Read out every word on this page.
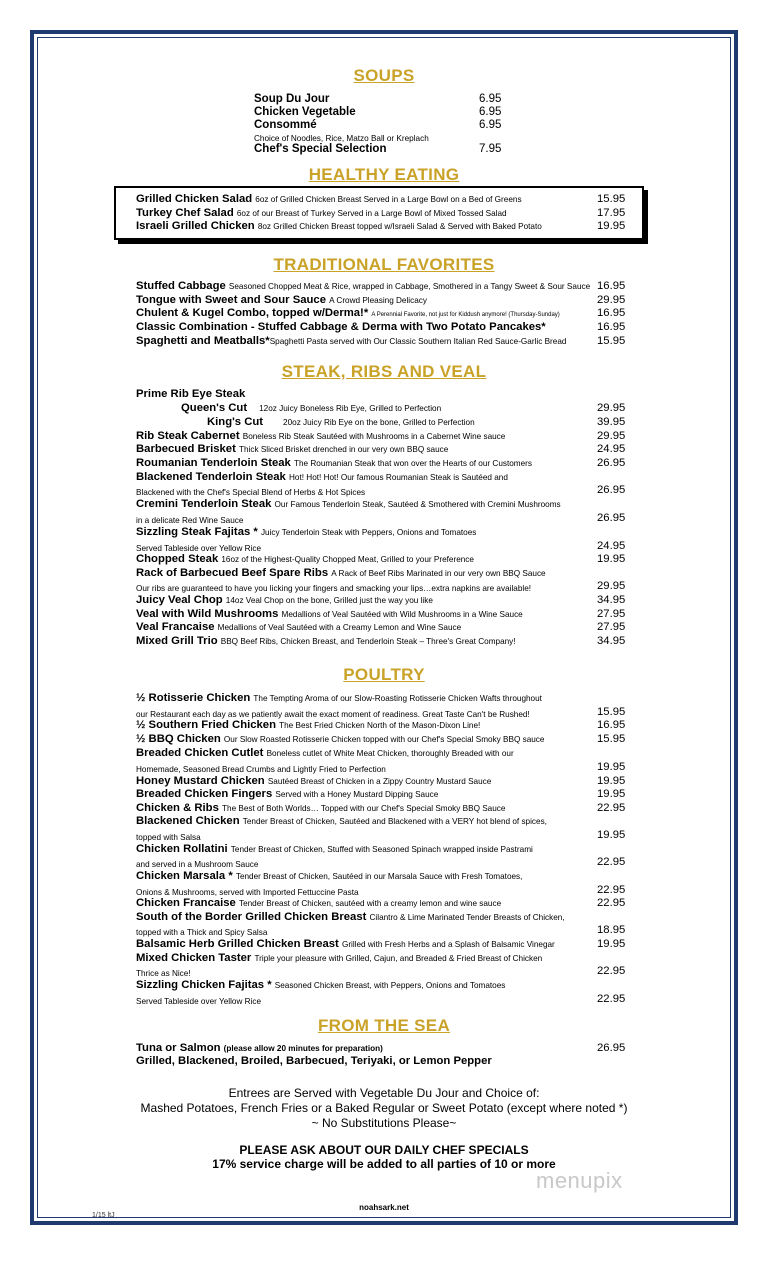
SOUPS
Soup Du Jour	6.95
Chicken Vegetable	6.95
Consommé	6.95
Choice of Noodles, Rice, Matzo Ball or Kreplach
Chef's Special Selection	7.95
HEALTHY EATING
Grilled Chicken Salad 6oz of Grilled Chicken Breast Served in a Large Bowl on a Bed of Greens	15.95
Turkey Chef Salad 6oz of our Breast of Turkey Served in a Large Bowl of Mixed Tossed Salad	17.95
Israeli Grilled Chicken 8oz Grilled Chicken Breast topped w/Israeli Salad & Served with Baked Potato	19.95
TRADITIONAL FAVORITES
Stuffed Cabbage Seasoned Chopped Meat & Rice, wrapped in Cabbage, Smothered in a Tangy Sweet & Sour Sauce 16.95
Tongue with Sweet and Sour Sauce A Crowd Pleasing Delicacy	29.95
Chulent & Kugel Combo, topped w/Derma!* A Perennial Favorite, not just for Kiddush anymore! (Thursday-Sunday)	16.95
Classic Combination - Stuffed Cabbage & Derma with Two Potato Pancakes*	16.95
Spaghetti and Meatballs*Spaghetti Pasta served with Our Classic Southern Italian Red Sauce-Garlic Bread	15.95
STEAK, RIBS AND VEAL
Prime Rib Eye Steak
Queen's Cut 12oz Juicy Boneless Rib Eye, Grilled to Perfection	29.95
King's Cut 20oz Juicy Rib Eye on the bone, Grilled to Perfection	39.95
Rib Steak Cabernet Boneless Rib Steak Sautéed with Mushrooms in a Cabernet Wine sauce	29.95
Barbecued Brisket Thick Sliced Brisket drenched in our very own BBQ sauce	24.95
Roumanian Tenderloin Steak The Roumanian Steak that won over the Hearts of our Customers	26.95
Blackened Tenderloin Steak Hot! Hot! Hot! Our famous Roumanian Steak is Sautéed and
Blackened with the Chef's Special Blend of Herbs & Hot Spices	26.95
Cremini Tenderloin Steak Our Famous Tenderloin Steak, Sautéed & Smothered with Cremini Mushrooms
in a delicate Red Wine Sauce	26.95
Sizzling Steak Fajitas * Juicy Tenderloin Steak with Peppers, Onions and Tomatoes
Served Tableside over Yellow Rice	24.95
Chopped Steak 16oz of the Highest-Quality Chopped Meat, Grilled to your Preference	19.95
Rack of Barbecued Beef Spare Ribs A Rack of Beef Ribs Marinated in our very own BBQ Sauce
Our ribs are guaranteed to have you licking your fingers and smacking your lips…extra napkins are available!	29.95
Juicy Veal Chop 14oz Veal Chop on the bone, Grilled just the way you like	34.95
Veal with Wild Mushrooms Medallions of Veal Sautéed with Wild Mushrooms in a Wine Sauce	27.95
Veal Francaise Medallions of Veal Sautéed with a Creamy Lemon and Wine Sauce	27.95
Mixed Grill Trio BBQ Beef Ribs, Chicken Breast, and Tenderloin Steak – Three's Great Company!	34.95
POULTRY
½ Rotisserie Chicken The Tempting Aroma of our Slow-Roasting Rotisserie Chicken Wafts throughout
our Restaurant each day as we patiently await the exact moment of readiness. Great Taste Can't be Rushed!	15.95
½ Southern Fried Chicken The Best Fried Chicken North of the Mason-Dixon Line!	16.95
½ BBQ Chicken Our Slow Roasted Rotisserie Chicken topped with our Chef's Special Smoky BBQ sauce	15.95
Breaded Chicken Cutlet Boneless cutlet of White Meat Chicken, thoroughly Breaded with our
Homemade, Seasoned Bread Crumbs and Lightly Fried to Perfection	19.95
Honey Mustard Chicken Sautéed Breast of Chicken in a Zippy Country Mustard Sauce	19.95
Breaded Chicken Fingers Served with a Honey Mustard Dipping Sauce	19.95
Chicken & Ribs The Best of Both Worlds… Topped with our Chef's Special Smoky BBQ Sauce	22.95
Blackened Chicken Tender Breast of Chicken, Sautéed and Blackened with a VERY hot blend of spices,
topped with Salsa	19.95
Chicken Rollatini Tender Breast of Chicken, Stuffed with Seasoned Spinach wrapped inside Pastrami
and served in a Mushroom Sauce	22.95
Chicken Marsala * Tender Breast of Chicken, Sautéed in our Marsala Sauce with Fresh Tomatoes,
Onions & Mushrooms, served with Imported Fettuccine Pasta	22.95
Chicken Francaise Tender Breast of Chicken, sautéed with a creamy lemon and wine sauce	22.95
South of the Border Grilled Chicken Breast Cilantro & Lime Marinated Tender Breasts of Chicken,
topped with a Thick and Spicy Salsa	18.95
Balsamic Herb Grilled Chicken Breast Grilled with Fresh Herbs and a Splash of Balsamic Vinegar	19.95
Mixed Chicken Taster Triple your pleasure with Grilled, Cajun, and Breaded & Fried Breast of Chicken
Thrice as Nice!	22.95
Sizzling Chicken Fajitas * Seasoned Chicken Breast, with Peppers, Onions and Tomatoes
Served Tableside over Yellow Rice	22.95
FROM THE SEA
Tuna or Salmon (please allow 20 minutes for preparation)	26.95
Grilled, Blackened, Broiled, Barbecued, Teriyaki, or Lemon Pepper
Entrees are Served with Vegetable Du Jour and Choice of:
Mashed Potatoes, French Fries or a Baked Regular or Sweet Potato (except where noted *)
~ No Substitutions Please~
PLEASE ASK ABOUT OUR DAILY CHEF SPECIALS
17% service charge will be added to all parties of 10 or more
menupix
noahsark.net
1/15 ltJ
